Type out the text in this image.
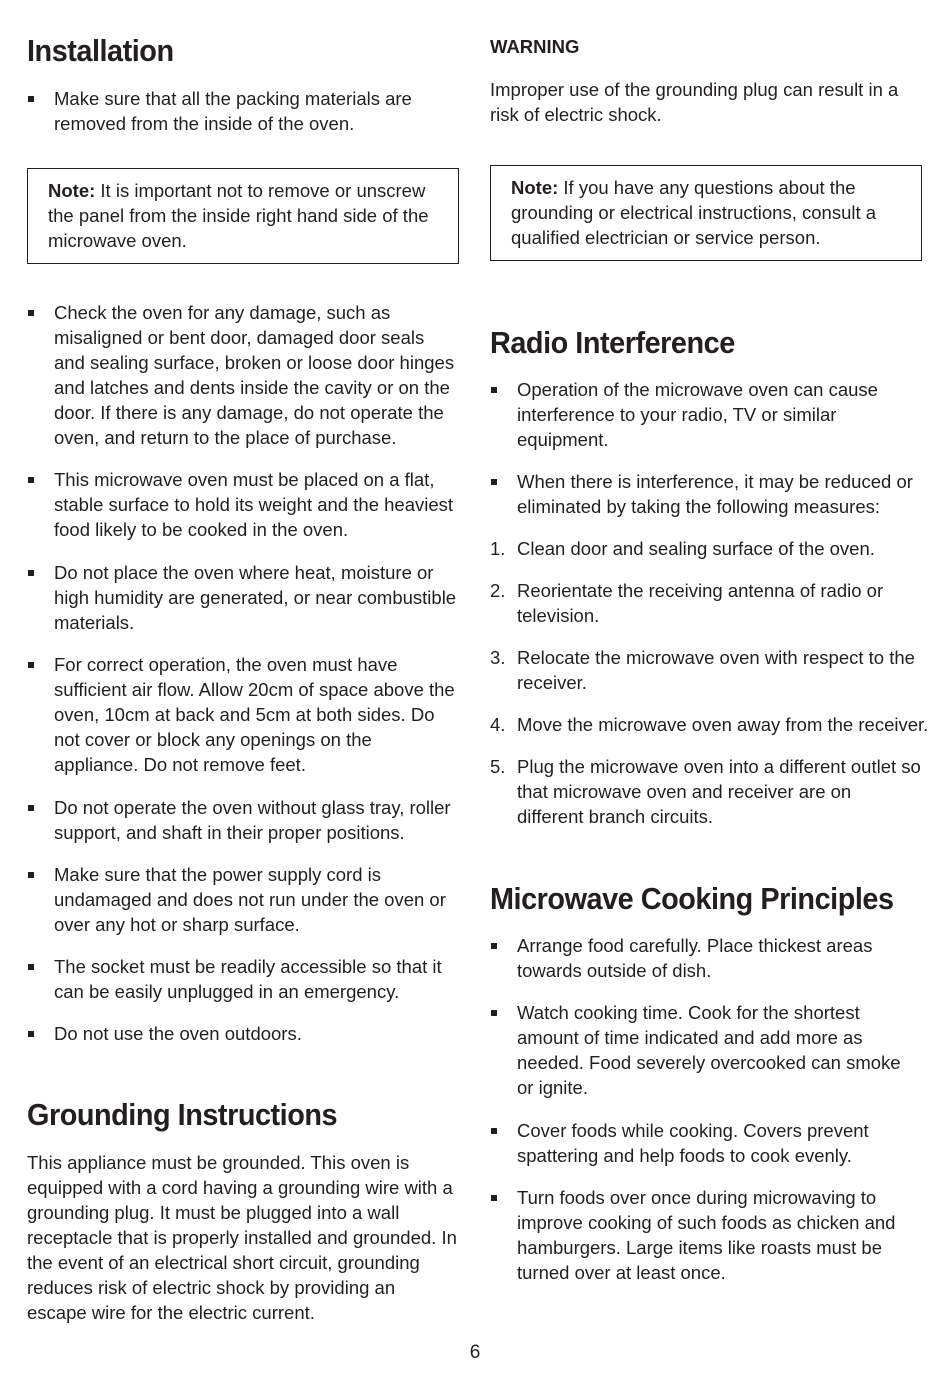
Installation
Make sure that all the packing materials are removed from the inside of the oven.
Note: It is important not to remove or unscrew the panel from the inside right hand side of the microwave oven.
Check the oven for any damage, such as misaligned or bent door, damaged door seals and sealing surface, broken or loose door hinges and latches and dents inside the cavity or on the door. If there is any damage, do not operate the oven, and return to the place of purchase.
This microwave oven must be placed on a flat, stable surface to hold its weight and the heaviest food likely to be cooked in the oven.
Do not place the oven where heat, moisture or high humidity are generated, or near combustible materials.
For correct operation, the oven must have sufficient air flow. Allow 20cm of space above the oven, 10cm at back and 5cm at both sides. Do not cover or block any openings on the appliance. Do not remove feet.
Do not operate the oven without glass tray, roller support, and shaft in their proper positions.
Make sure that the power supply cord is undamaged and does not run under the oven or over any hot or sharp surface.
The socket must be readily accessible so that it can be easily unplugged in an emergency.
Do not use the oven outdoors.
Grounding Instructions
This appliance must be grounded. This oven is equipped with a cord having a grounding wire with a grounding plug. It must be plugged into a wall receptacle that is properly installed and grounded. In the event of an electrical short circuit, grounding reduces risk of electric shock by providing an escape wire for the electric current.
WARNING
Improper use of the grounding plug can result in a risk of electric shock.
Note: If you have any questions about the grounding or electrical instructions, consult a qualified electrician or service person.
Radio Interference
Operation of the microwave oven can cause interference to your radio, TV or similar equipment.
When there is interference, it may be reduced or eliminated by taking the following measures:
1. Clean door and sealing surface of the oven.
2. Reorientate the receiving antenna of radio or television.
3. Relocate the microwave oven with respect to the receiver.
4. Move the microwave oven away from the receiver.
5. Plug the microwave oven into a different outlet so that microwave oven and receiver are on different branch circuits.
Microwave Cooking Principles
Arrange food carefully. Place thickest areas towards outside of dish.
Watch cooking time. Cook for the shortest amount of time indicated and add more as needed. Food severely overcooked can smoke or ignite.
Cover foods while cooking. Covers prevent spattering and help foods to cook evenly.
Turn foods over once during microwaving to improve cooking of such foods as chicken and hamburgers. Large items like roasts must be turned over at least once.
6
